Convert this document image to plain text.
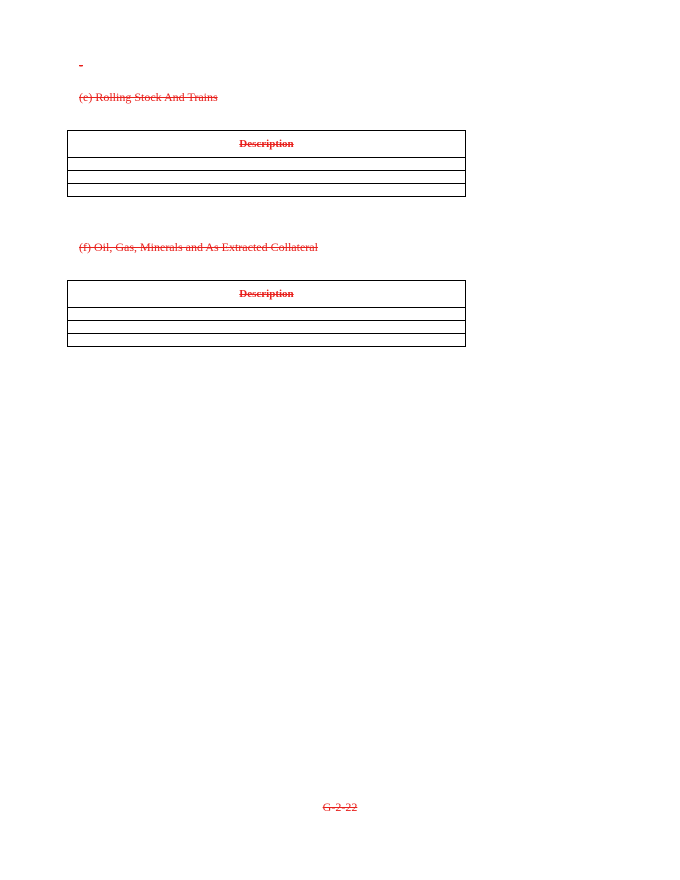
-
(e) Rolling Stock And Trains
Description

(f) Oil, Gas, Minerals and As Extracted Collateral
Description

G-2-22
